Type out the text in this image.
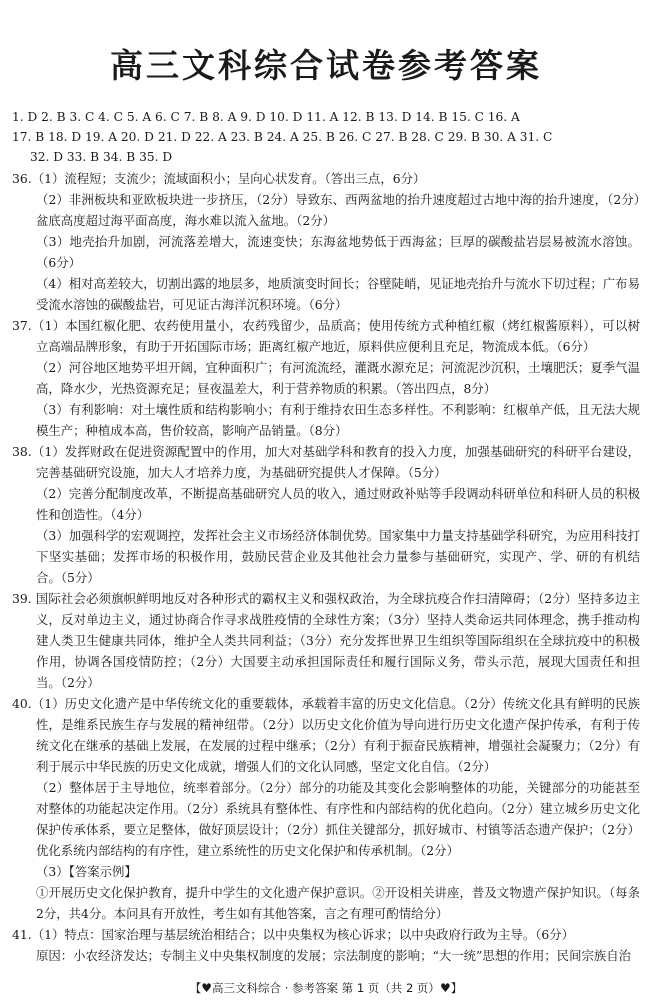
高三文科综合试卷参考答案
1. D 2. B 3. C 4. C 5. A 6. C 7. B 8. A 9. D 10. D 11. A 12. B 13. D 14. B 15. C 16. A
17. B 18. D 19. A 20. D 21. D 22. A 23. B 24. A 25. B 26. C 27. B 28. C 29. B 30. A 31. C
32. D 33. B 34. B 35. D

36.（1）流程短；支流少；流域面积小；呈向心状发育。（答出三点，6分）

（2）非洲板块和亚欧板块进一步挤压，（2分）导致东、西两盆地的抬升速度超过古地中海的抬升速度，（2分）盆底高度超过海平面高度，海水难以流入盆地。（2分）

（3）地壳抬升加剧，河流落差增大，流速变快；东海盆地势低于西海盆；巨厚的碳酸盐岩层易被流水溶蚀。（6分）

（4）相对高差较大，切割出露的地层多，地质演变时间长；谷壁陡峭，见证地壳抬升与流水下切过程；广布易受流水溶蚀的碳酸盐岩，可见证古海洋沉积环境。（6分）

37.（1）本国红椒化肥、农药使用量小，农药残留少，品质高；使用传统方式种植红椒（烤红椒酱原料），可以树立高端品牌形象，有助于开拓国际市场；距离红椒产地近，原料供应便利且充足，物流成本低。（6分）

（2）河谷地区地势平坦开阔，宜种面积广；有河流流经，灌溉水源充足；河流泥沙沉积，土壤肥沃；夏季气温高，降水少，光热资源充足；昼夜温差大，利于营养物质的积累。（答出四点，8分）

（3）有利影响：对土壤性质和结构影响小；有利于维持农田生态多样性。不利影响：红椒单产低，且无法大规模生产；种植成本高，售价较高，影响产品销量。（8分）

38.（1）发挥财政在促进资源配置中的作用，加大对基础学科和教育的投入力度，加强基础研究的科研平台建设，完善基础研究设施，加大人才培养力度，为基础研究提供人才保障。（5分）

（2）完善分配制度改革，不断提高基础研究人员的收入，通过财政补贴等手段调动科研单位和科研人员的积极性和创造性。（4分）

（3）加强科学的宏观调控，发挥社会主义市场经济体制优势。国家集中力量支持基础学科研究，为应用科技打下坚实基础；发挥市场的积极作用，鼓励民营企业及其他社会力量参与基础研究，实现产、学、研的有机结合。（5分）

39. 国际社会必须旗帜鲜明地反对各种形式的霸权主义和强权政治，为全球抗疫合作扫清障碍；（2分）坚持多边主义，反对单边主义，通过协商合作寻求战胜疫情的全球性方案；（3分）坚持人类命运共同体理念，携手推动构建人类卫生健康共同体，维护全人类共同利益；（3分）充分发挥世界卫生组织等国际组织在全球抗疫中的积极作用，协调各国疫情防控；（2分）大国要主动承担国际责任和履行国际义务，带头示范，展现大国责任和担当。（2分）

40.（1）历史文化遗产是中华传统文化的重要载体，承载着丰富的历史文化信息。（2分）传统文化具有鲜明的民族性，是维系民族生存与发展的精神纽带。（2分）以历史文化价值为导向进行历史文化遗产保护传承，有利于传统文化在继承的基础上发展，在发展的过程中继承；（2分）有利于振奋民族精神，增强社会凝聚力；（2分）有利于展示中华民族的历史文化成就，增强人们的文化认同感，坚定文化自信。（2分）

（2）整体居于主导地位，统率着部分。（2分）部分的功能及其变化会影响整体的功能，关键部分的功能甚至对整体的功能起决定作用。（2分）系统具有整体性、有序性和内部结构的优化趋向。（2分）建立城乡历史文化保护传承体系，要立足整体，做好顶层设计；（2分）抓住关键部分，抓好城市、村镇等活态遗产保护；（2分）优化系统内部结构的有序性，建立系统性的历史文化保护和传承机制。（2分）

（3）【答案示例】

①开展历史文化保护教育，提升中学生的文化遗产保护意识。②开设相关讲座，普及文物遗产保护知识。（每条2分，共4分。本问具有开放性，考生如有其他答案，言之有理可酌情给分）

41.（1）特点：国家治理与基层统治相结合；以中央集权为核心诉求；以中央政府行政为主导。（6分）

原因：小农经济发达；专制主义中央集权制度的发展；宗法制度的影响；“大一统”思想的作用；民间宗族自治

【♥高三文科综合 · 参考答案 第 1 页（共 2 页）♥】
